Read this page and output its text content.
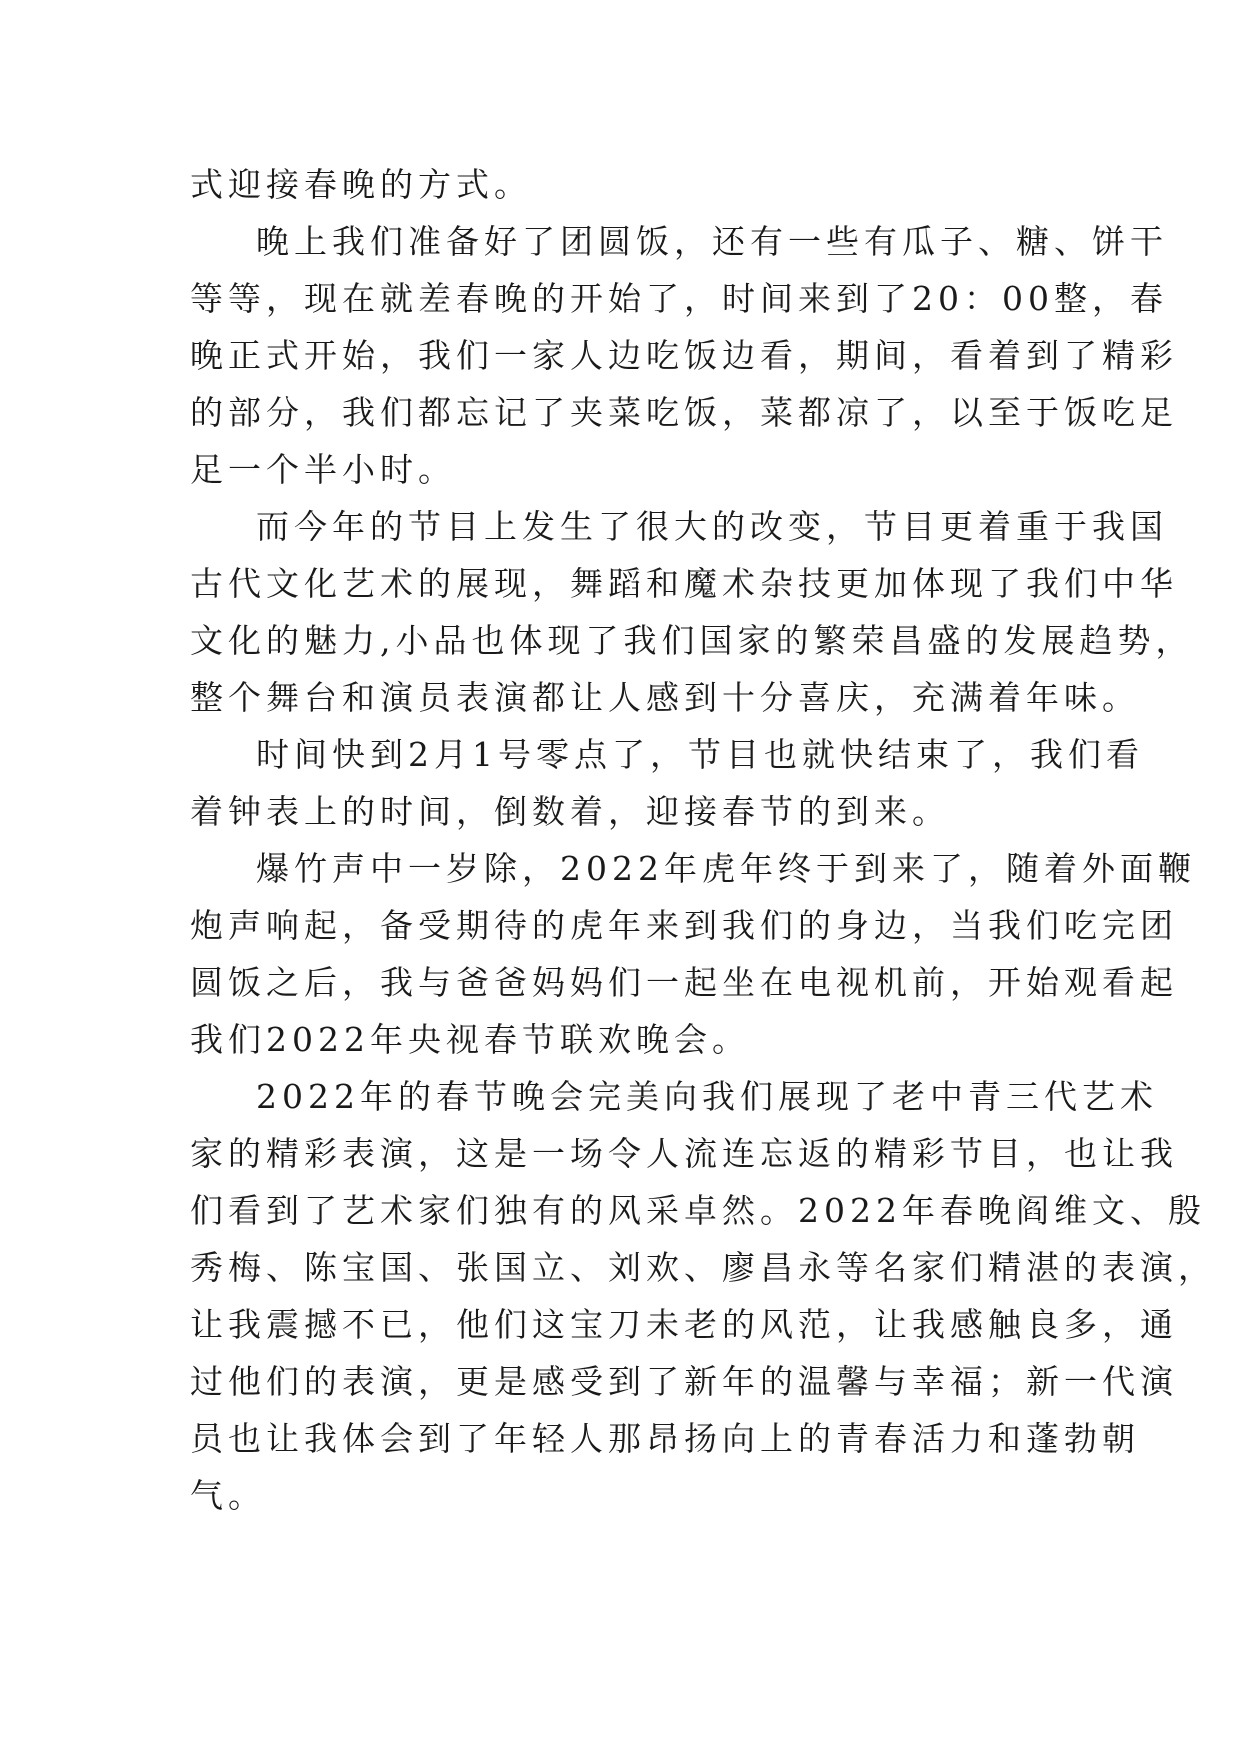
式迎接春晚的方式。
晚上我们准备好了团圆饭，还有一些有瓜子、糖、饼干
等等，现在就差春晚的开始了，时间来到了20：00整，春
晚正式开始，我们一家人边吃饭边看，期间，看着到了精彩
的部分，我们都忘记了夹菜吃饭，菜都凉了，以至于饭吃足
足一个半小时。
而今年的节目上发生了很大的改变，节目更着重于我国
古代文化艺术的展现，舞蹈和魔术杂技更加体现了我们中华
文化的魅力,小品也体现了我们国家的繁荣昌盛的发展趋势，
整个舞台和演员表演都让人感到十分喜庆，充满着年味。
时间快到2月1号零点了，节目也就快结束了，我们看
着钟表上的时间，倒数着，迎接春节的到来。
爆竹声中一岁除，2022年虎年终于到来了，随着外面鞭
炮声响起，备受期待的虎年来到我们的身边，当我们吃完团
圆饭之后，我与爸爸妈妈们一起坐在电视机前，开始观看起
我们2022年央视春节联欢晚会。
2022年的春节晚会完美向我们展现了老中青三代艺术
家的精彩表演，这是一场令人流连忘返的精彩节目，也让我
们看到了艺术家们独有的风采卓然。2022年春晚阎维文、殷
秀梅、陈宝国、张国立、刘欢、廖昌永等名家们精湛的表演，
让我震撼不已，他们这宝刀未老的风范，让我感触良多，通
过他们的表演，更是感受到了新年的温馨与幸福；新一代演
员也让我体会到了年轻人那昂扬向上的青春活力和蓬勃朝
气。
